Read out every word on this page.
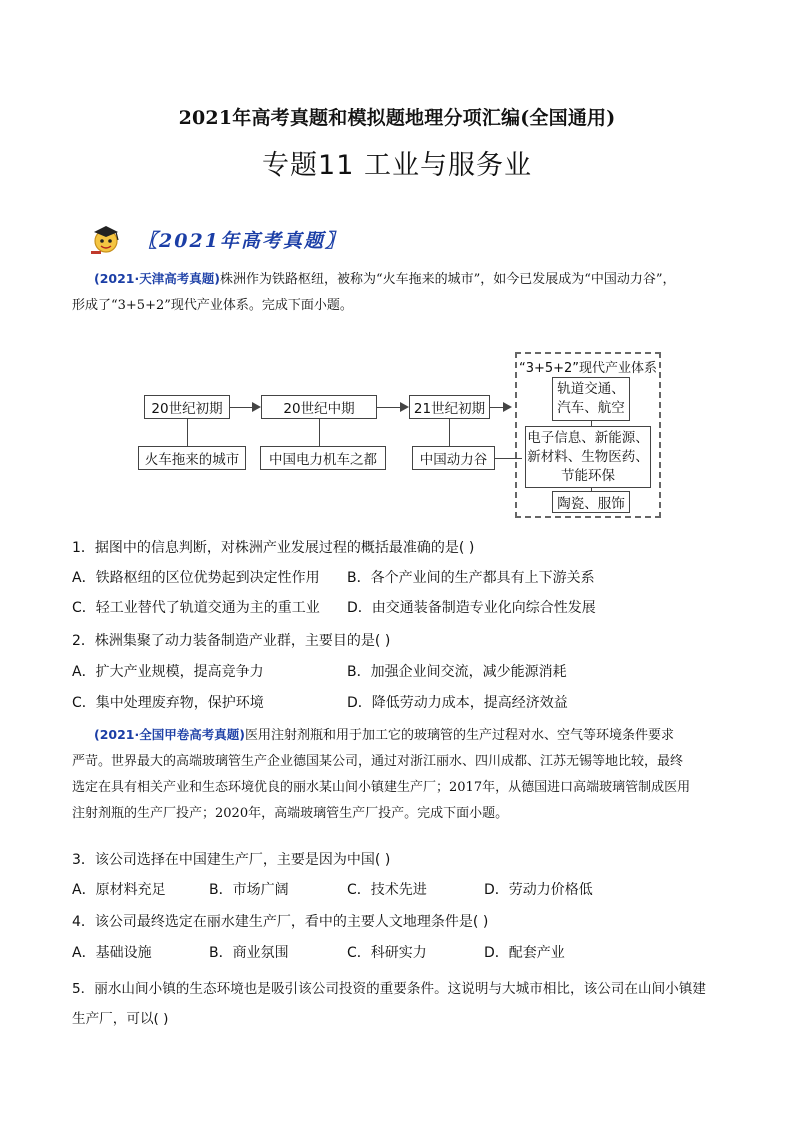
2021年高考真题和模拟题地理分项汇编(全国通用)
专题11 工业与服务业
〖2021年高考真题〗
(2021·天津高考真题)株洲作为铁路枢纽，被称为“火车拖来的城市”，如今已发展成为“中国动力谷”，
形成了“3+5+2”现代产业体系。完成下面小题。
20世纪初期	20世纪中期	21世纪初期
火车拖来的城市	中国电力机车之都	中国动力谷
“3+5+2”现代产业体系
轨道交通、
汽车、航空
电子信息、新能源、
新材料、生物医药、
节能环保
陶瓷、服饰
1．据图中的信息判断，对株洲产业发展过程的概括最准确的是( )
A．铁路枢纽的区位优势起到决定性作用 B．各个产业间的生产都具有上下游关系
C．轻工业替代了轨道交通为主的重工业 D．由交通装备制造专业化向综合性发展
2．株洲集聚了动力装备制造产业群，主要目的是( )
A．扩大产业规模，提高竞争力	B．加强企业间交流，减少能源消耗
C．集中处理废弃物，保护环境	D．降低劳动力成本，提高经济效益
(2021·全国甲卷高考真题)医用注射剂瓶和用于加工它的玻璃管的生产过程对水、空气等环境条件要求
严苛。世界最大的高端玻璃管生产企业德国某公司，通过对浙江丽水、四川成都、江苏无锡等地比较，最终
选定在具有相关产业和生态环境优良的丽水某山间小镇建生产厂；2017年，从德国进口高端玻璃管制成医用
注射剂瓶的生产厂投产；2020年，高端玻璃管生产厂投产。完成下面小题。
3．该公司选择在中国建生产厂，主要是因为中国( )
A．原材料充足	B．市场广阔	C．技术先进	D．劳动力价格低
4．该公司最终选定在丽水建生产厂，看中的主要人文地理条件是( )
A．基础设施	B．商业氛围	C．科研实力	D．配套产业
5．丽水山间小镇的生态环境也是吸引该公司投资的重要条件。这说明与大城市相比，该公司在山间小镇建
生产厂，可以( )
